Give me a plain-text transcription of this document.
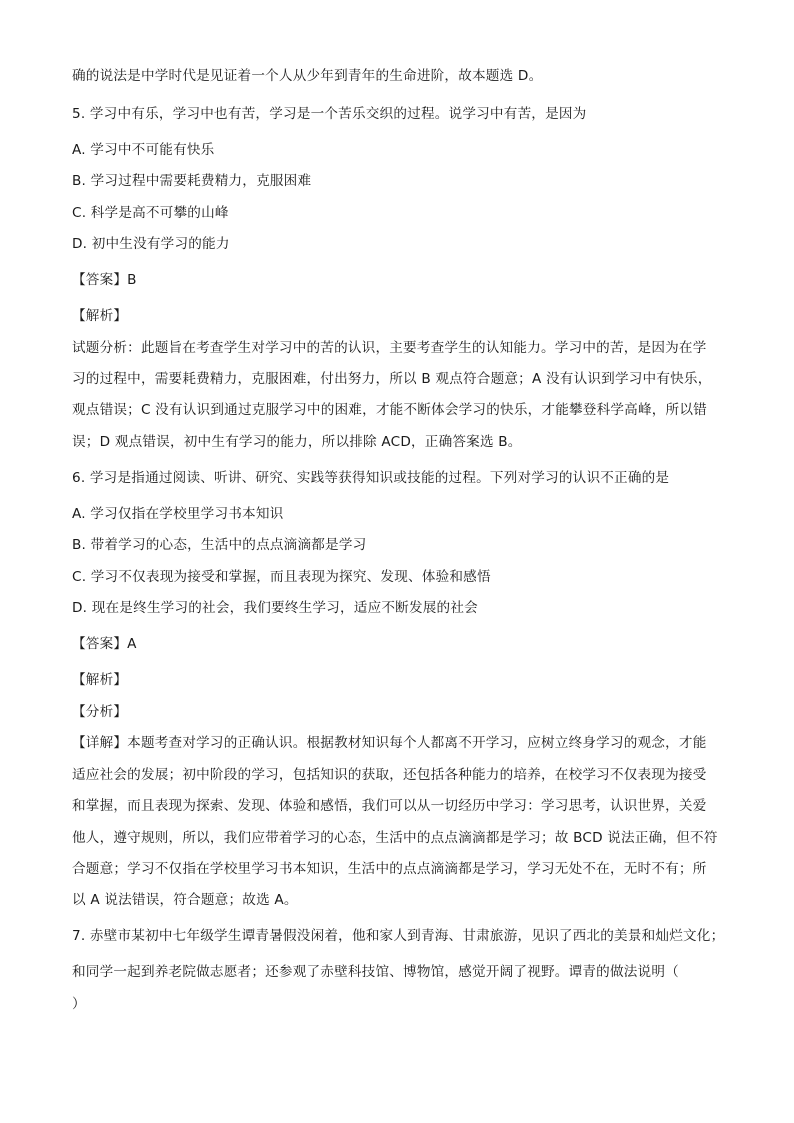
确的说法是中学时代是见证着一个人从少年到青年的生命进阶，故本题选 D。
5. 学习中有乐，学习中也有苦，学习是一个苦乐交织的过程。说学习中有苦，是因为
A. 学习中不可能有快乐
B. 学习过程中需要耗费精力，克服困难
C. 科学是高不可攀的山峰
D. 初中生没有学习的能力
【答案】B
【解析】
试题分析：此题旨在考查学生对学习中的苦的认识，主要考查学生的认知能力。学习中的苦，是因为在学
习的过程中，需要耗费精力，克服困难，付出努力，所以 B 观点符合题意；A 没有认识到学习中有快乐，
观点错误；C 没有认识到通过克服学习中的困难，才能不断体会学习的快乐，才能攀登科学高峰，所以错
误；D 观点错误，初中生有学习的能力，所以排除 ACD，正确答案选 B。
6. 学习是指通过阅读、听讲、研究、实践等获得知识或技能的过程。下列对学习的认识不正确的是
A. 学习仅指在学校里学习书本知识
B. 带着学习的心态，生活中的点点滴滴都是学习
C. 学习不仅表现为接受和掌握，而且表现为探究、发现、体验和感悟
D. 现在是终生学习的社会，我们要终生学习，适应不断发展的社会
【答案】A
【解析】
【分析】
【详解】本题考查对学习的正确认识。根据教材知识每个人都离不开学习，应树立终身学习的观念，才能
适应社会的发展；初中阶段的学习，包括知识的获取，还包括各种能力的培养，在校学习不仅表现为接受
和掌握，而且表现为探索、发现、体验和感悟，我们可以从一切经历中学习：学习思考，认识世界，关爱
他人，遵守规则，所以，我们应带着学习的心态，生活中的点点滴滴都是学习；故 BCD 说法正确，但不符
合题意；学习不仅指在学校里学习书本知识，生活中的点点滴滴都是学习，学习无处不在，无时不有；所
以 A 说法错误，符合题意；故选 A。
7. 赤壁市某初中七年级学生谭青暑假没闲着，他和家人到青海、甘肃旅游，见识了西北的美景和灿烂文化；
和同学一起到养老院做志愿者；还参观了赤壁科技馆、博物馆，感觉开阔了视野。谭青的做法说明（
）
